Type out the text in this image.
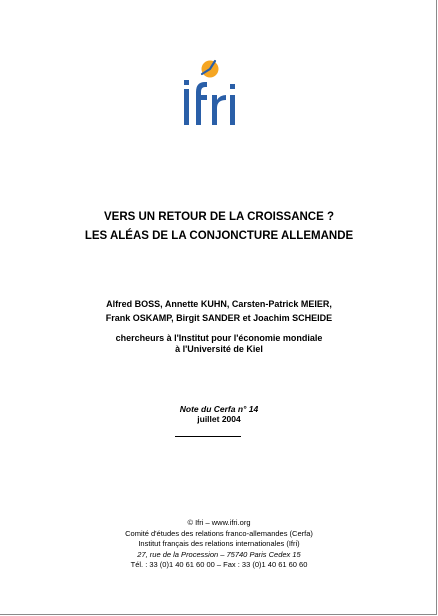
ifri
VERS UN RETOUR DE LA CROISSANCE ?
LES ALÉAS DE LA CONJONCTURE ALLEMANDE
Alfred BOSS, Annette KUHN, Carsten-Patrick MEIER,
Frank OSKAMP, Birgit SANDER et Joachim SCHEIDE
chercheurs à l'Institut pour l'économie mondiale
à l'Université de Kiel
Note du Cerfa n° 14
juillet 2004
© Ifri – www.ifri.org
Comité d'études des relations franco-allemandes (Cerfa)
Institut français des relations internationales (Ifri)
27, rue de la Procession – 75740 Paris Cedex 15
Tél. : 33 (0)1 40 61 60 00 – Fax : 33 (0)1 40 61 60 60
